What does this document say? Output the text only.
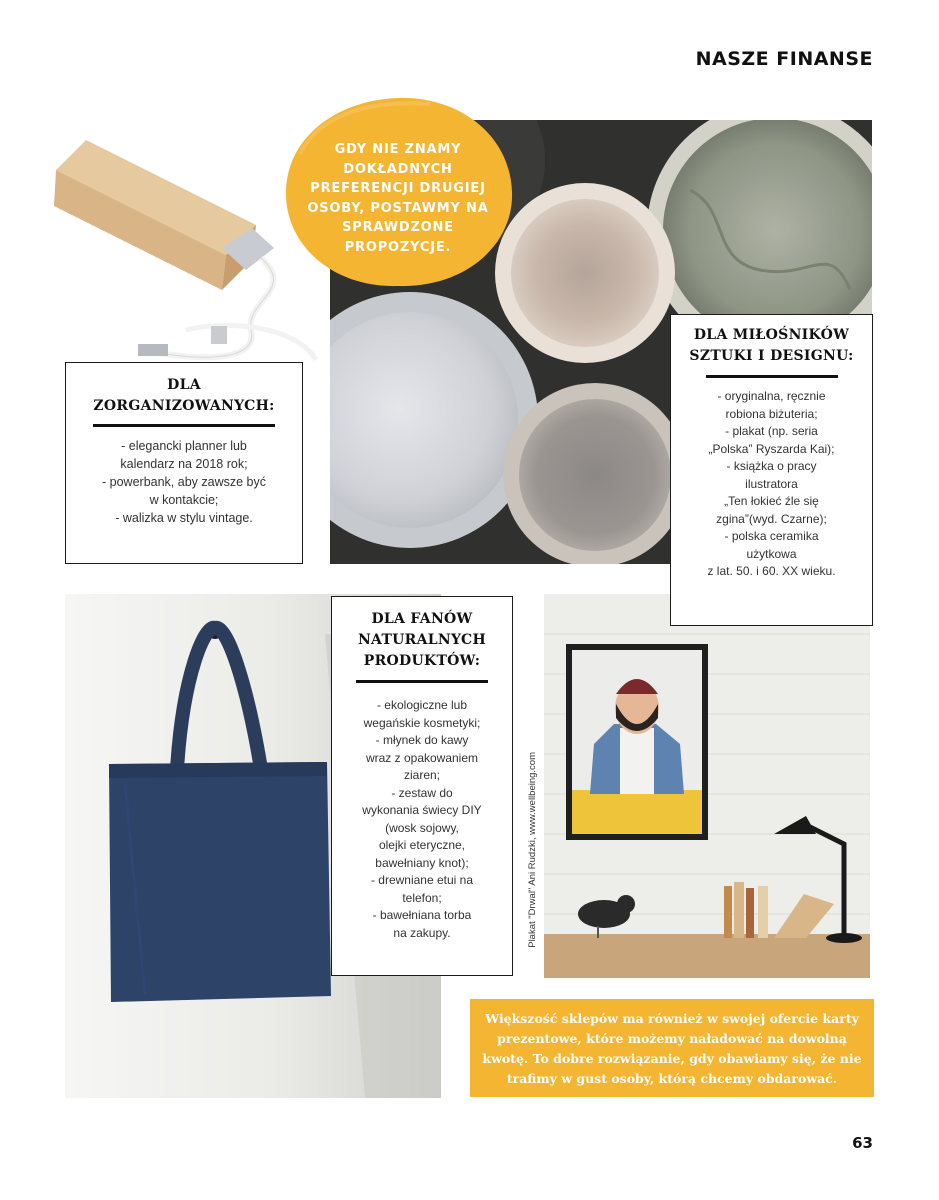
NASZE FINANSE
GDY NIE ZNAMY DOKŁADNYCH PREFERENCJI DRUGIEJ OSOBY, POSTAWMY NA SPRAWDZONE PROPOZYCJE.
DLA
ZORGANIZOWANYCH:
- elegancki planner lub
kalendarz na 2018 rok;
- powerbank, aby zawsze być
w kontakcie;
- walizka w stylu vintage.
DLA MIŁOŚNIKÓW
SZTUKI I DESIGNU:
- oryginalna, ręcznie
robiona biżuteria;
- plakat (np. seria
„Polska” Ryszarda Kai);
- książka o pracy
ilustratora
„Ten łokieć źle się
zgina”(wyd. Czarne);
- polska ceramika
użytkowa
z lat. 50. i 60. XX wieku.
DLA FANÓW
NATURALNYCH
PRODUKTÓW:
- ekologiczne lub
wegańskie kosmetyki;
- młynek do kawy
wraz z opakowaniem
ziaren;
- zestaw do
wykonania świecy DIY
(wosk sojowy,
olejki eteryczne,
bawełniany knot);
- drewniane etui na
telefon;
- bawełniana torba
na zakupy.	Plakat "Drwal" Ani Rudzki, www.wellbeing.com
Większość sklepów ma również w swojej ofercie karty prezentowe, które możemy naładować na dowolną kwotę. To dobre rozwiązanie, gdy obawiamy się, że nie trafimy w gust osoby, którą chcemy obdarować.
63
